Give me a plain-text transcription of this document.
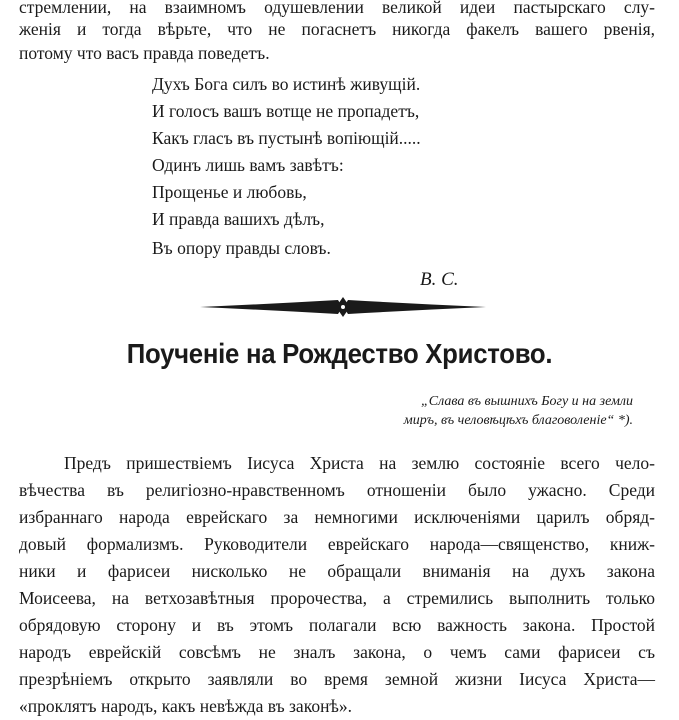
стремлении, на взаимномъ одушевлении великой идеи пастырскаго слу-
женія и тогда вѣрьте, что не погаснетъ никогда факелъ вашего рвенія,
потому что васъ правда поведетъ.
Духъ Бога силъ во истинѣ живущій.
И голосъ вашъ вотще не пропадетъ,
Какъ гласъ въ пустынѣ вопіющій.....
Одинъ лишь вамъ завѣтъ:
Прощенье и любовь,
И правда вашихъ дѣлъ,
Въ опору правды словъ.
В. С.
Поученіе на Рождество Христово.
„Слава въ вышнихъ Богу и на земли
миръ, въ человѣцѣхъ благоволеніе“ *).
Предъ пришествіемъ Іисуса Христа на землю состояніе всего чело-
вѣчества въ религіозно-нравственномъ отношеніи было ужасно. Среди
избраннаго народа еврейскаго за немногими исключеніями царилъ обряд-
довый формализмъ. Руководители еврейскаго народа—священство, книж-
ники и фарисеи нисколько не обращали вниманія на духъ закона
Моисеева, на ветхозавѣтныя пророчества, а стремились выполнить только
обрядовую сторону и въ этомъ полагали всю важность закона. Простой
народъ еврейскій совсѣмъ не зналъ закона, о чемъ сами фарисеи съ
презрѣніемъ открыто заявляли во время земной жизни Іисуса Христа—
«проклятъ народъ, какъ невѣжда въ законѣ».
